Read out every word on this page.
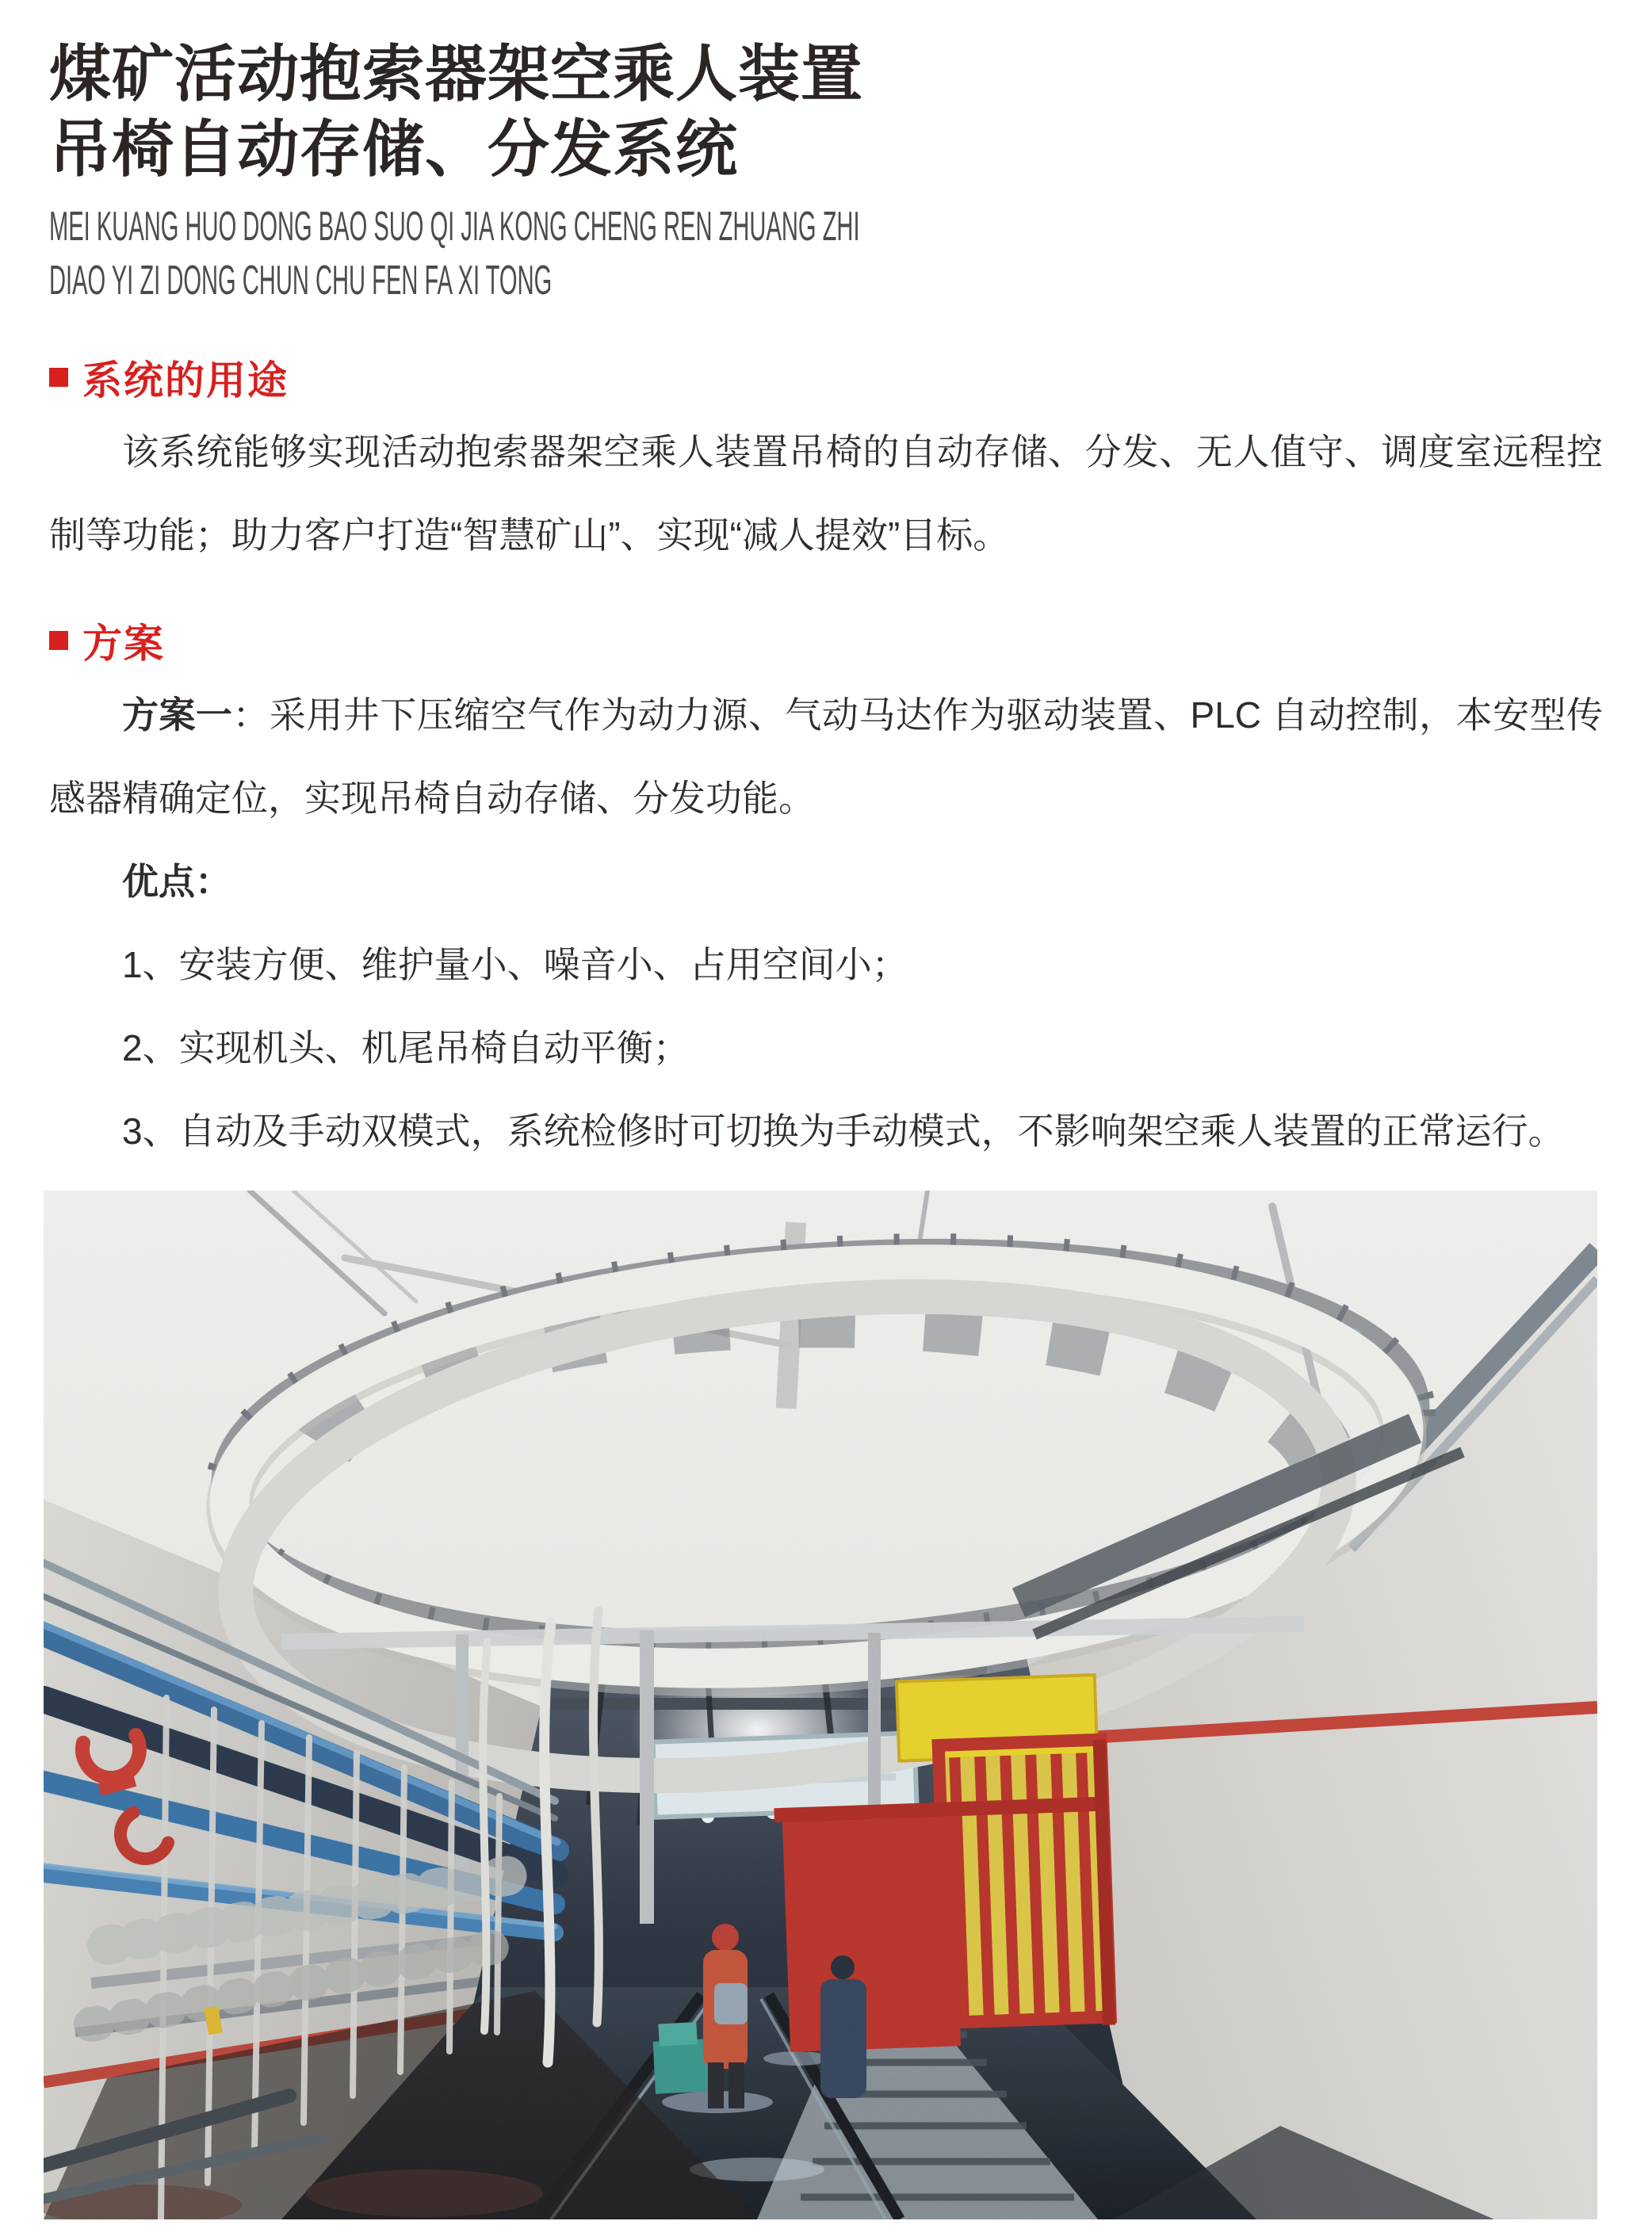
煤矿活动抱索器架空乘人装置
吊椅自动存储、分发系统
MEI KUANG HUO DONG BAO SUO QI JIA KONG CHENG REN ZHUANG ZHI
DIAO YI ZI DONG CHUN CHU FEN FA XI TONG
系统的用途

该系统能够实现活动抱索器架空乘人装置吊椅的自动存储、分发、无人值守、调度室远程控制等功能；助力客户打造“智慧矿山”、实现“减人提效”目标。

方案

方案一：采用井下压缩空气作为动力源、气动马达作为驱动装置、PLC 自动控制，本安型传感器精确定位，实现吊椅自动存储、分发功能。

优点：
1、安装方便、维护量小、噪音小、占用空间小；
2、实现机头、机尾吊椅自动平衡；
3、自动及手动双模式，系统检修时可切换为手动模式，不影响架空乘人装置的正常运行。
